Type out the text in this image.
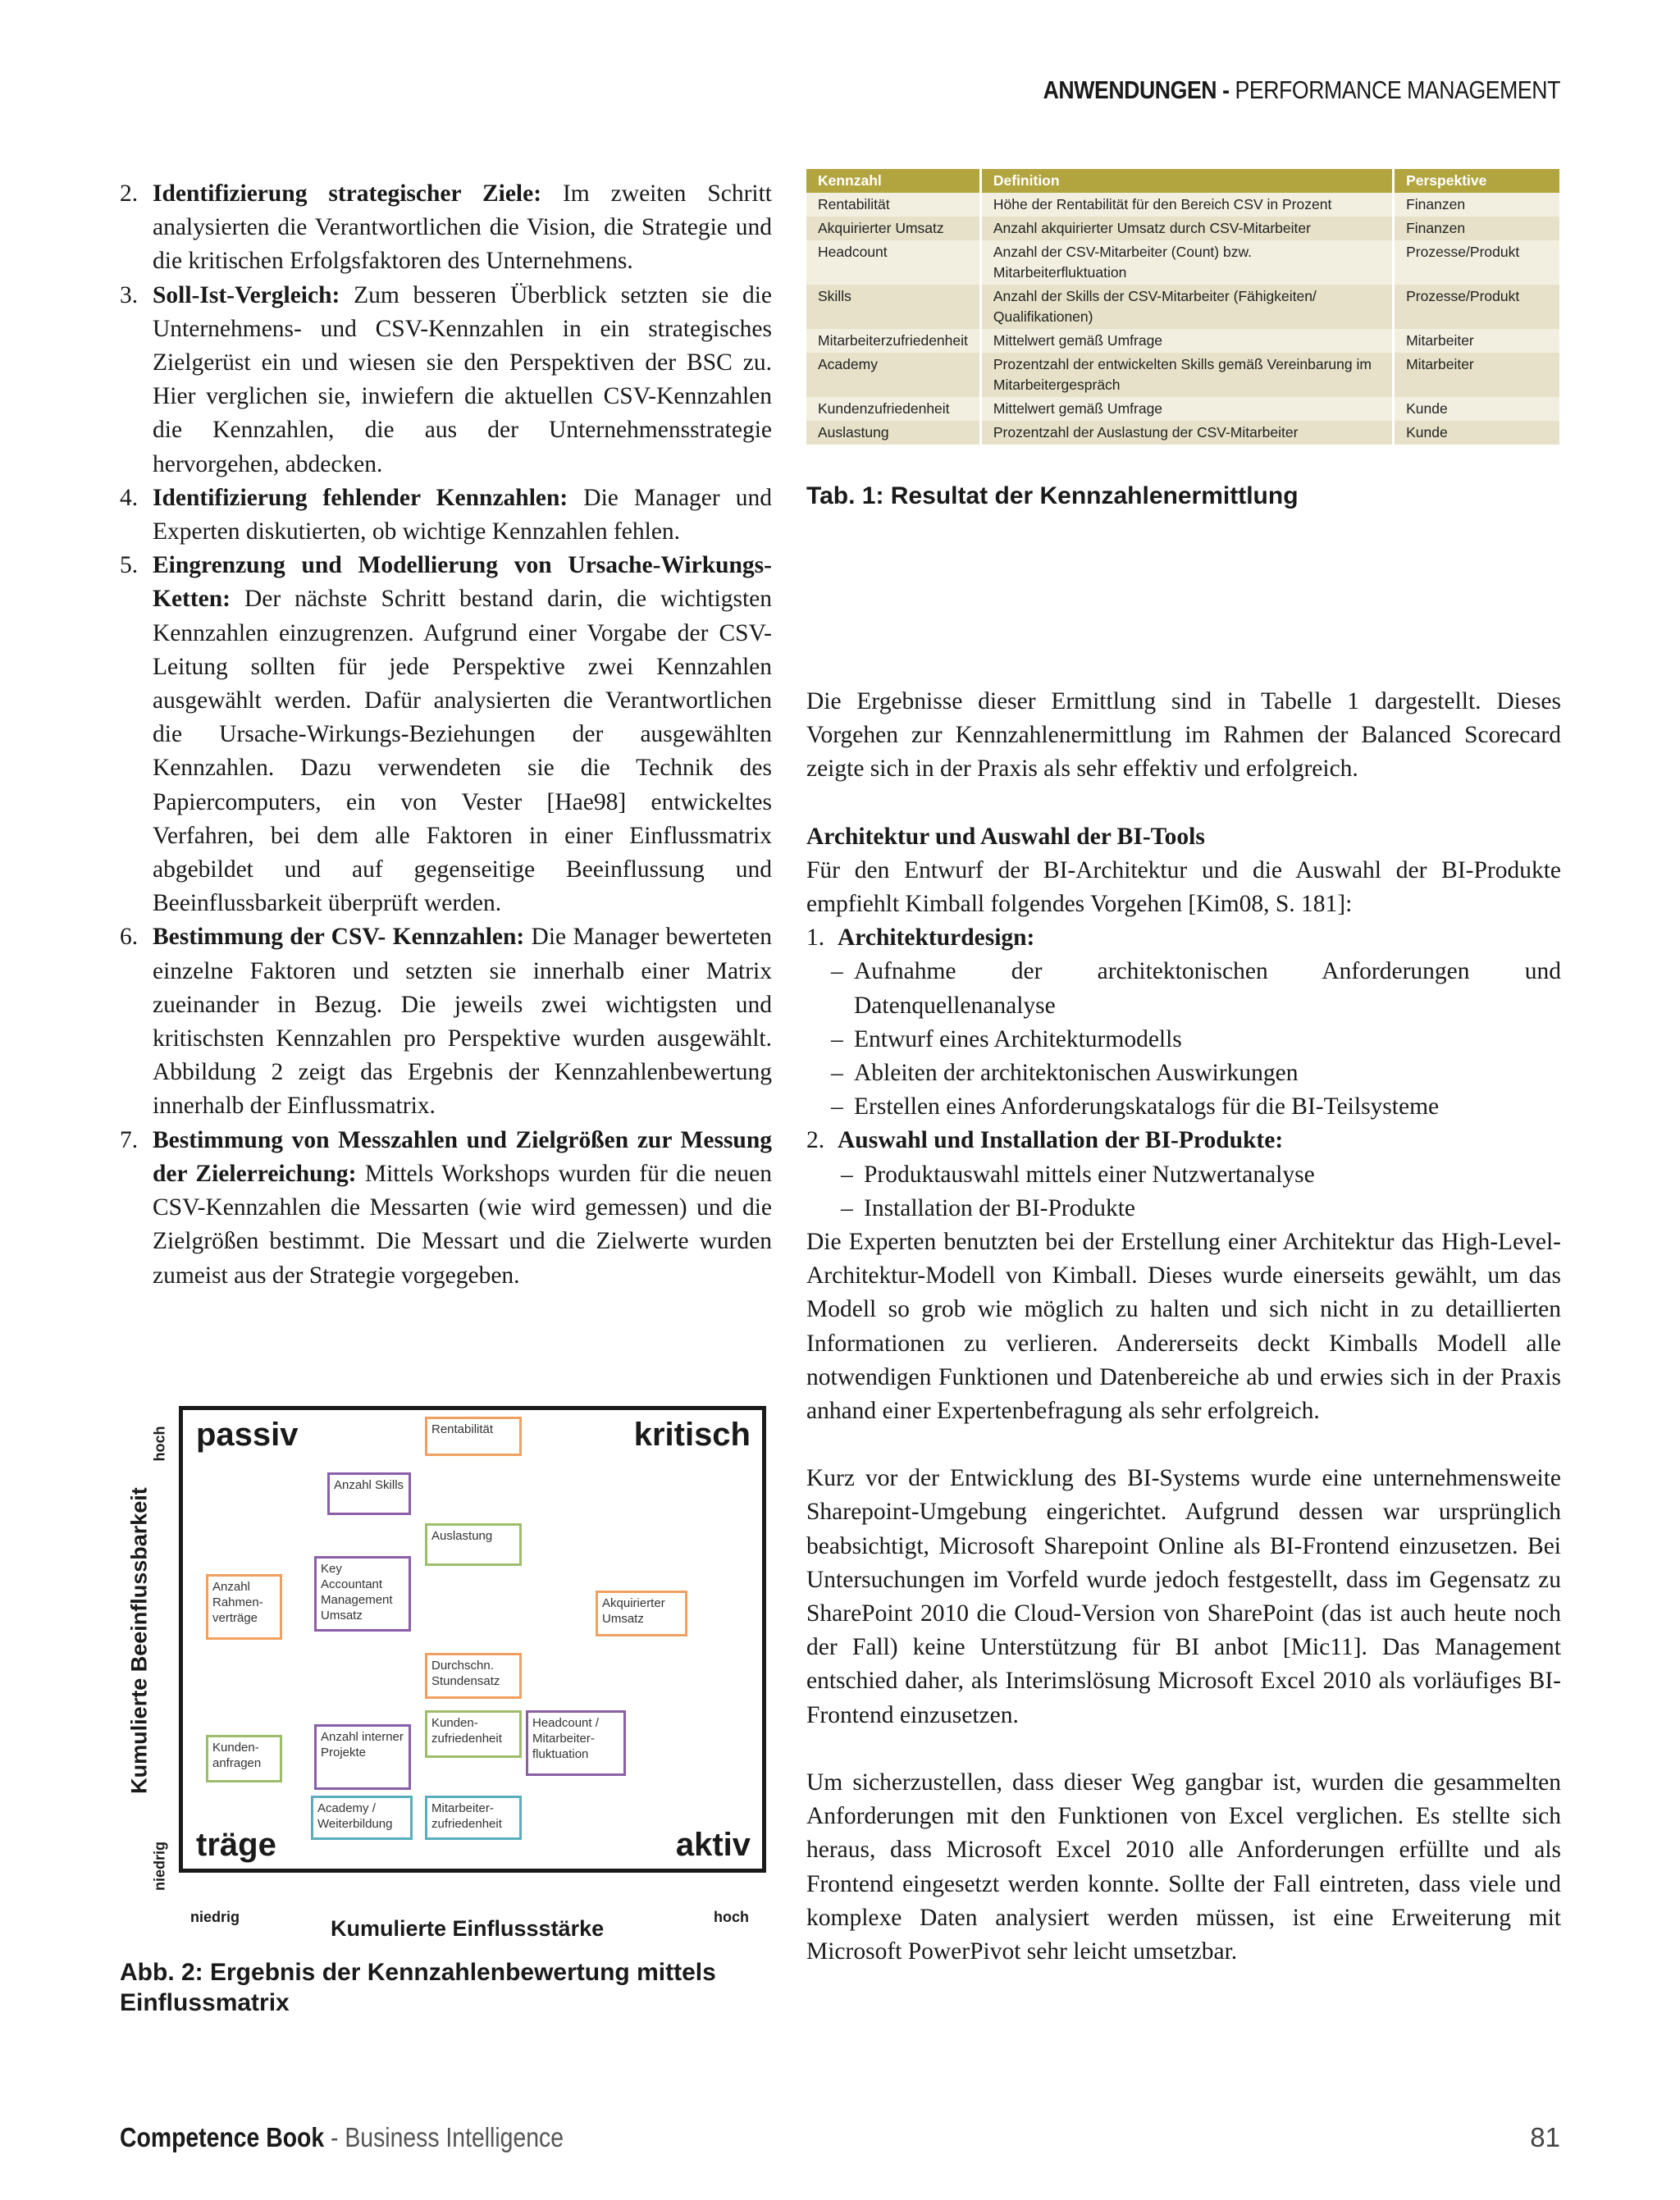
ANWENDUNGEN - PERFORMANCE MANAGEMENT
2. Identifizierung strategischer Ziele: Im zweiten Schritt analysierten die Verantwortlichen die Vision, die Strategie und die kritischen Erfolgsfaktoren des Unternehmens.
3. Soll-Ist-Vergleich: Zum besseren Überblick setzten sie die Unternehmens- und CSV-Kennzahlen in ein strategisches Zielgerüst ein und wiesen sie den Perspektiven der BSC zu. Hier verglichen sie, inwiefern die aktuellen CSV-Kennzahlen die Kennzahlen, die aus der Unternehmensstrategie hervorgehen, abdecken.
4. Identifizierung fehlender Kennzahlen: Die Manager und Experten diskutierten, ob wichtige Kennzahlen fehlen.
5. Eingrenzung und Modellierung von Ursache-Wirkungs-Ketten: Der nächste Schritt bestand darin, die wichtigsten Kennzahlen einzugrenzen. Aufgrund einer Vorgabe der CSV-Leitung sollten für jede Perspektive zwei Kennzahlen ausgewählt werden. Dafür analysierten die Verantwortlichen die Ursache-Wirkungs-Beziehungen der ausgewählten Kennzahlen. Dazu verwendeten sie die Technik des Papiercomputers, ein von Vester [Hae98] entwickeltes Verfahren, bei dem alle Faktoren in einer Einflussmatrix abgebildet und auf gegenseitige Beeinflussung und Beeinflussbarkeit überprüft werden.
6. Bestimmung der CSV- Kennzahlen: Die Manager bewerteten einzelne Faktoren und setzten sie innerhalb einer Matrix zueinander in Bezug. Die jeweils zwei wichtigsten und kritischsten Kennzahlen pro Perspektive wurden ausgewählt. Abbildung 2 zeigt das Ergebnis der Kennzahlenbewertung innerhalb der Einflussmatrix.
7. Bestimmung von Messzahlen und Zielgrößen zur Messung der Zielerreichung: Mittels Workshops wurden für die neuen CSV-Kennzahlen die Messarten (wie wird gemessen) und die Zielgrößen bestimmt. Die Messart und die Zielwerte wurden zumeist aus der Strategie vorgegeben.
Kennzahl	Definition	Perspektive
Rentabilität	Höhe der Rentabilität für den Bereich CSV in Prozent	Finanzen
Akquirierter Umsatz	Anzahl akquirierter Umsatz durch CSV-Mitarbeiter	Finanzen
Headcount	Anzahl der CSV-Mitarbeiter (Count) bzw. Mitarbeiterfluktuation	Prozesse/Produkt
Skills	Anzahl der Skills der CSV-Mitarbeiter (Fähigkeiten/ Qualifikationen)	Prozesse/Produkt
Mitarbeiterzufriedenheit	Mittelwert gemäß Umfrage	Mitarbeiter
Academy	Prozentzahl der entwickelten Skills gemäß Vereinbarung im Mitarbeitergespräch	Mitarbeiter
Kundenzufriedenheit	Mittelwert gemäß Umfrage	Kunde
Auslastung	Prozentzahl der Auslastung der CSV-Mitarbeiter	Kunde
Tab. 1: Resultat der Kennzahlenermittlung

Die Ergebnisse dieser Ermittlung sind in Tabelle 1 dargestellt. Dieses Vorgehen zur Kennzahlenermittlung im Rahmen der Balanced Scorecard zeigte sich in der Praxis als sehr effektiv und erfolgreich.

Architektur und Auswahl der BI-Tools

Für den Entwurf der BI-Architektur und die Auswahl der BI-Produkte empfiehlt Kimball folgendes Vorgehen [Kim08, S. 181]:

1. Architekturdesign:
– Aufnahme der architektonischen Anforderungen und Datenquellenanalyse
– Entwurf eines Architekturmodells
– Ableiten der architektonischen Auswirkungen
– Erstellen eines Anforderungskatalogs für die BI-Teilsysteme
2. Auswahl und Installation der BI-Produkte:
– Produktauswahl mittels einer Nutzwertanalyse
– Installation der BI-Produkte

Die Experten benutzten bei der Erstellung einer Architektur das High-Level-Architektur-Modell von Kimball. Dieses wurde einerseits gewählt, um das Modell so grob wie möglich zu halten und sich nicht in zu detaillierten Informationen zu verlieren. Andererseits deckt Kimballs Modell alle notwendigen Funktionen und Datenbereiche ab und erwies sich in der Praxis anhand einer Expertenbefragung als sehr erfolgreich.

Kurz vor der Entwicklung des BI-Systems wurde eine unternehmensweite Sharepoint-Umgebung eingerichtet. Aufgrund dessen war ursprünglich beabsichtigt, Microsoft Sharepoint Online als BI-Frontend einzusetzen. Bei Untersuchungen im Vorfeld wurde jedoch festgestellt, dass im Gegensatz zu SharePoint 2010 die Cloud-Version von SharePoint (das ist auch heute noch der Fall) keine Unterstützung für BI anbot [Mic11]. Das Management entschied daher, als Interimslösung Microsoft Excel 2010 als vorläufiges BI-Frontend einzusetzen.

Um sicherzustellen, dass dieser Weg gangbar ist, wurden die gesammelten Anforderungen mit den Funktionen von Excel verglichen. Es stellte sich heraus, dass Microsoft Excel 2010 alle Anforderungen erfüllte und als Frontend eingesetzt werden konnte. Sollte der Fall eintreten, dass viele und komplexe Daten analysiert werden müssen, ist eine Erweiterung mit Microsoft PowerPivot sehr leicht umsetzbar.

Kumulierte Beeinflussbarkeit
hoch
niedrig
passiv	kritisch
träge	aktiv
Rentabilität
Anzahl Skills
Auslastung
Anzahl Rahmen-verträge
Key Accountant Management Umsatz
Akquirierter Umsatz
Durchschn. Stundensatz
Kunden-zufriedenheit
Headcount / Mitarbeiter-fluktuation
Kunden-anfragen
Anzahl interner Projekte
Academy / Weiterbildung
Mitarbeiter-zufriedenheit
niedrig	hoch
Kumulierte Einflussstärke
Abb. 2: Ergebnis der Kennzahlenbewertung mittels Einflussmatrix
Competence Book - Business Intelligence	81
